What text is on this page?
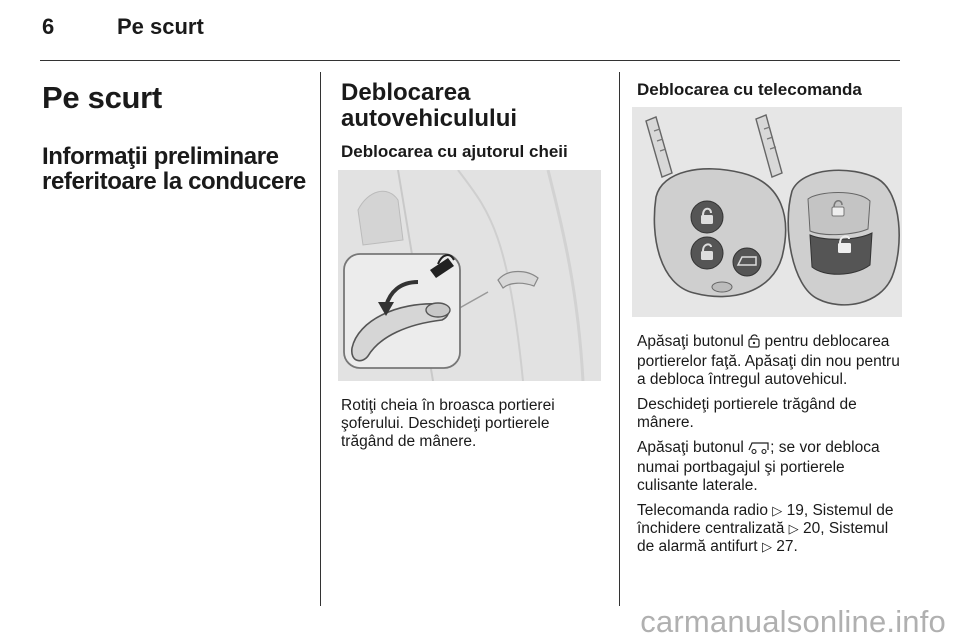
6	Pe scurt
Pe scurt
Informaţii preliminare referitoare la conducere
Deblocarea autovehiculului
Deblocarea cu ajutorul cheii
Rotiţi cheia în broasca portierei şoferului. Deschideţi portierele trăgând de mânere.
Deblocarea cu telecomanda

Apăsaţi butonul  pentru deblocarea portierelor faţă. Apăsaţi din nou pentru a debloca întregul autovehicul.

Deschideţi portierele trăgând de mânere.

Apăsaţi butonul ; se vor debloca numai portbagajul şi portierele culisante laterale.

Telecomanda radio ▷ 19, Sistemul de închidere centralizată ▷ 20, Sistemul de alarmă antifurt ▷ 27.

carmanualsonline.info
